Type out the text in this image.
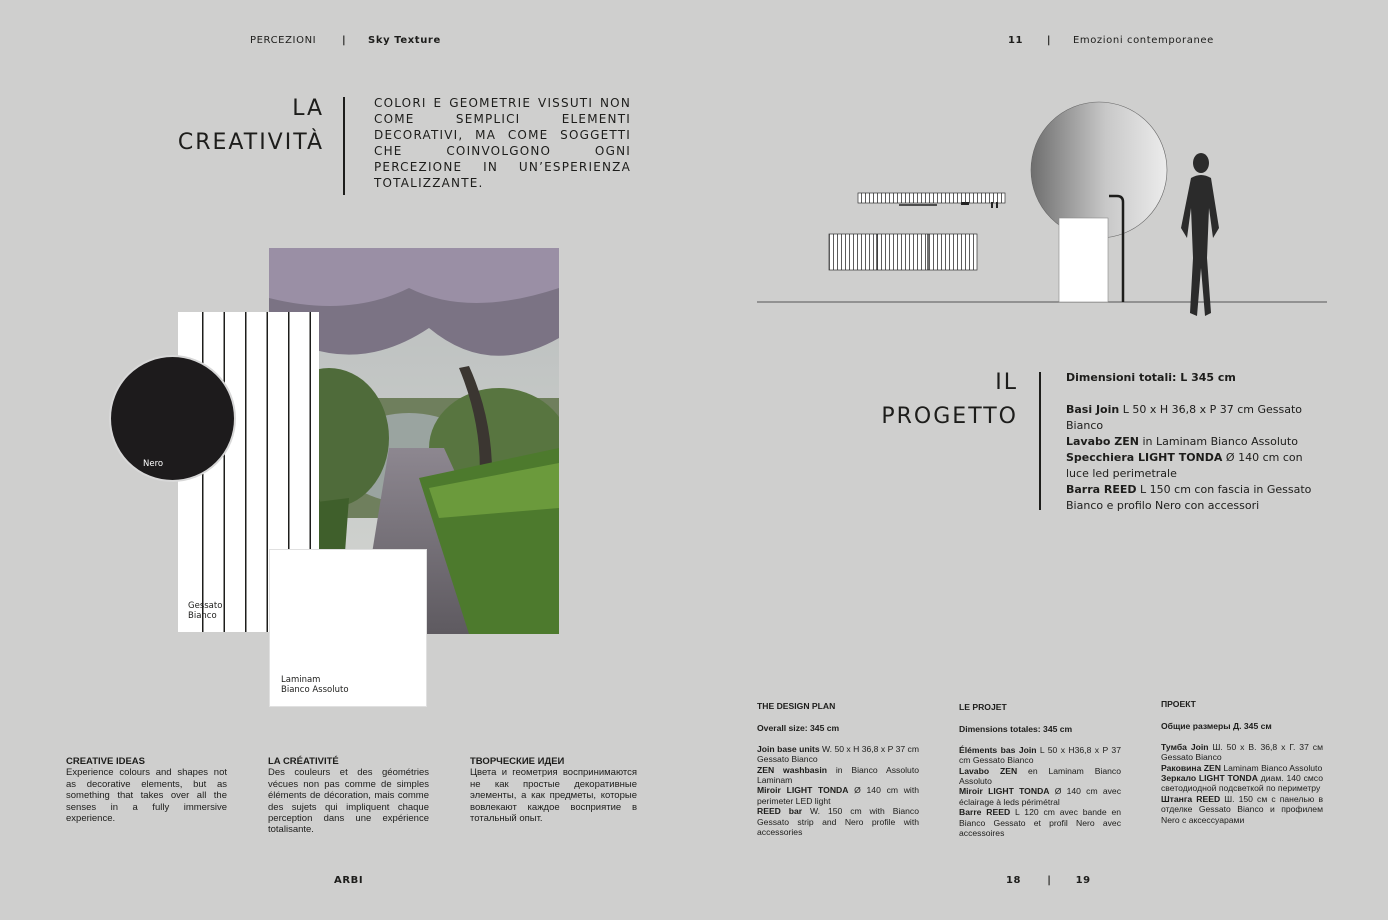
PERCEZIONI	| Sky Texture
LA
CREATIVITÀ
COLORI E GEOMETRIE VISSUTI NON COME SEMPLICI ELEMENTI DECORATIVI, MA COME SOGGETTI CHE COINVOLGONO OGNI PERCEZIONE IN UN’ESPERIENZA TOTALIZZANTE.
Gessato
Bianco
Nero
Laminam
Bianco Assoluto
CREATIVE IDEAS
Experience colours and shapes not as decorative elements, but as something that takes over all the senses in a fully immersive experience.
LA CRÉATIVITÉ
Des couleurs et des géométries vécues non pas comme de simples éléments de décoration, mais comme des sujets qui impliquent chaque perception dans une expérience totalisante.
ТВОРЧЕСКИЕ ИДЕИ
Цвета и геометрия воспринимаются не как простые декоративные элементы, а как предметы, которые вовлекают каждое восприятие в тотальный опыт.
ARBI
11 | Emozioni contemporanee
IL
PROGETTO
Dimensioni totali: L 345 cm
Basi Join L 50 x H 36,8 x P 37 cm Gessato Bianco
Lavabo ZEN in Laminam Bianco Assoluto
Specchiera LIGHT TONDA Ø 140 cm con luce led perimetrale
Barra REED L 150 cm con fascia in Gessato Bianco e profilo Nero con accessori
THE DESIGN PLAN
Overall size: 345 cm
Join base units W. 50 x H 36,8 x P 37 cm Gessato Bianco
ZEN washbasin in Bianco Assoluto Laminam
Miroir LIGHT TONDA Ø 140 cm with perimeter LED light
REED bar W. 150 cm with Bianco Gessato strip and Nero profile with accessories
LE PROJET
Dimensions totales: 345 cm
Éléments bas Join L 50 x H36,8 x P 37 cm Gessato Bianco
Lavabo ZEN en Laminam Bianco Assoluto
Miroir LIGHT TONDA Ø 140 cm avec éclairage à leds périmétral
Barre REED L 120 cm avec bande en Bianco Gessato et profil Nero avec accessoires
ПРОЕКТ
Общие размеры Д. 345 см
Тумба Join Ш. 50 x В. 36,8 x Г. 37 см Gessato Bianco
Раковина ZEN Laminam Bianco Assoluto
Зеркало LIGHT TONDA диам. 140 смсо светодиодной подсветкой по периметру
Штанга REED Ш. 150 см с панелью в отделке Gessato Bianco и профилем Nero с аксессуарами
18	| 19
